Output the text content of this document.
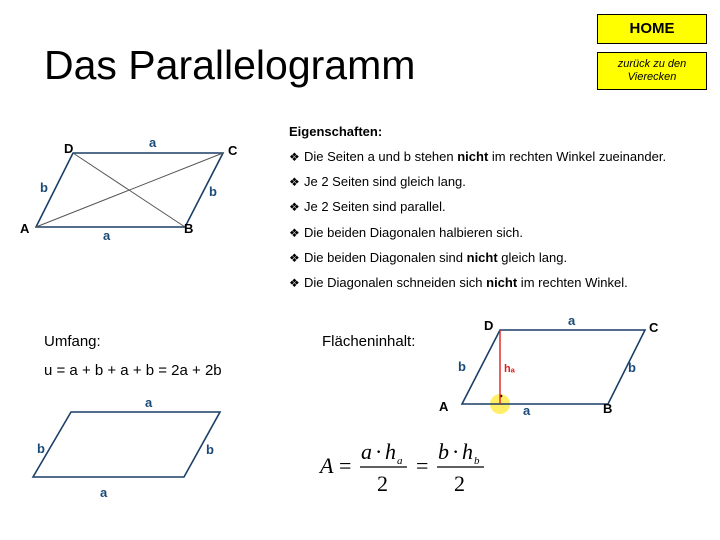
Das Parallelogramm
HOME
zurück zu den Vierecken
Eigenschaften:
❖ Die Seiten a und b stehen nicht im rechten Winkel zueinander.
❖ Je 2 Seiten sind gleich lang.
❖ Je 2 Seiten sind parallel.
❖ Die beiden Diagonalen halbieren sich.
❖ Die beiden Diagonalen sind nicht gleich lang.
❖ Die Diagonalen schneiden sich nicht im rechten Winkel.
Umfang:
u = a + b + a + b = 2a + 2b
Flächeninhalt:
D	C
A	B
a
a
b	b
D	C
A	B
a
a
b	b
hₐ
a
a
b	b
A =
a · h a
2
=
b · h b
2
